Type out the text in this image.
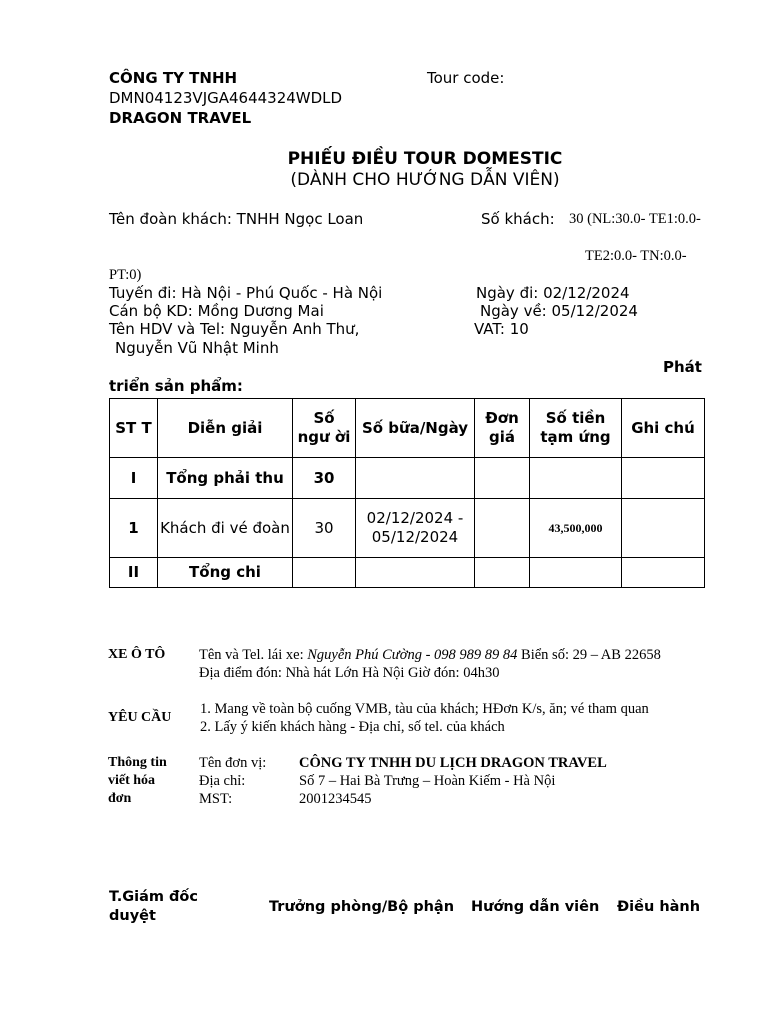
CÔNG TY TNHH	Tour code:
DMN04123VJGA4644324WDLD
DRAGON TRAVEL
PHIẾU ĐIỀU TOUR DOMESTIC
(DÀNH CHO HƯỚNG DẪN VIÊN)
Tên đoàn khách: TNHH Ngọc Loan	Số khách: 30 (NL:30.0- TE1:0.0-
TE2:0.0- TN:0.0-
PT:0)
Tuyến đi: Hà Nội - Phú Quốc - Hà Nội	Ngày đi: 02/12/2024
Cán bộ KD: Mồng Dương Mai	Ngày về: 05/12/2024
Tên HDV và Tel: Nguyễn Anh Thư,	VAT: 10
Nguyễn Vũ Nhật Minh
Phát
triển sản phẩm:
ST T	Diễn giải	Số ngư ời	Số bữa/Ngày	Đơn giá	Số tiền tạm ứng	Ghi chú
I	Tổng phải thu	30				
1	Khách đi vé đoàn	30	02/12/2024 - 05/12/2024		43,500,000	
II	Tổng chi					
XE Ô TÔ Tên và Tel. lái xe: Nguyễn Phú Cường - 098 989 89 84 Biển số: 29 – AB 22658
Địa điểm đón: Nhà hát Lớn Hà Nội Giờ đón: 04h30
YÊU CẦU
1. Mang về toàn bộ cuống VMB, tàu của khách; HĐơn K/s, ăn; vé tham quan
2. Lấy ý kiến khách hàng - Địa chỉ, số tel. của khách
Thông tin
viết hóa
đơn
Tên đơn vị: CÔNG TY TNHH DU LỊCH DRAGON TRAVEL
Địa chỉ:	Số 7 – Hai Bà Trưng – Hoàn Kiếm - Hà Nội
MST:	2001234545
T.Giám đốc
duyệt
Trưởng phòng/Bộ phận Hướng dẫn viên Điều hành
